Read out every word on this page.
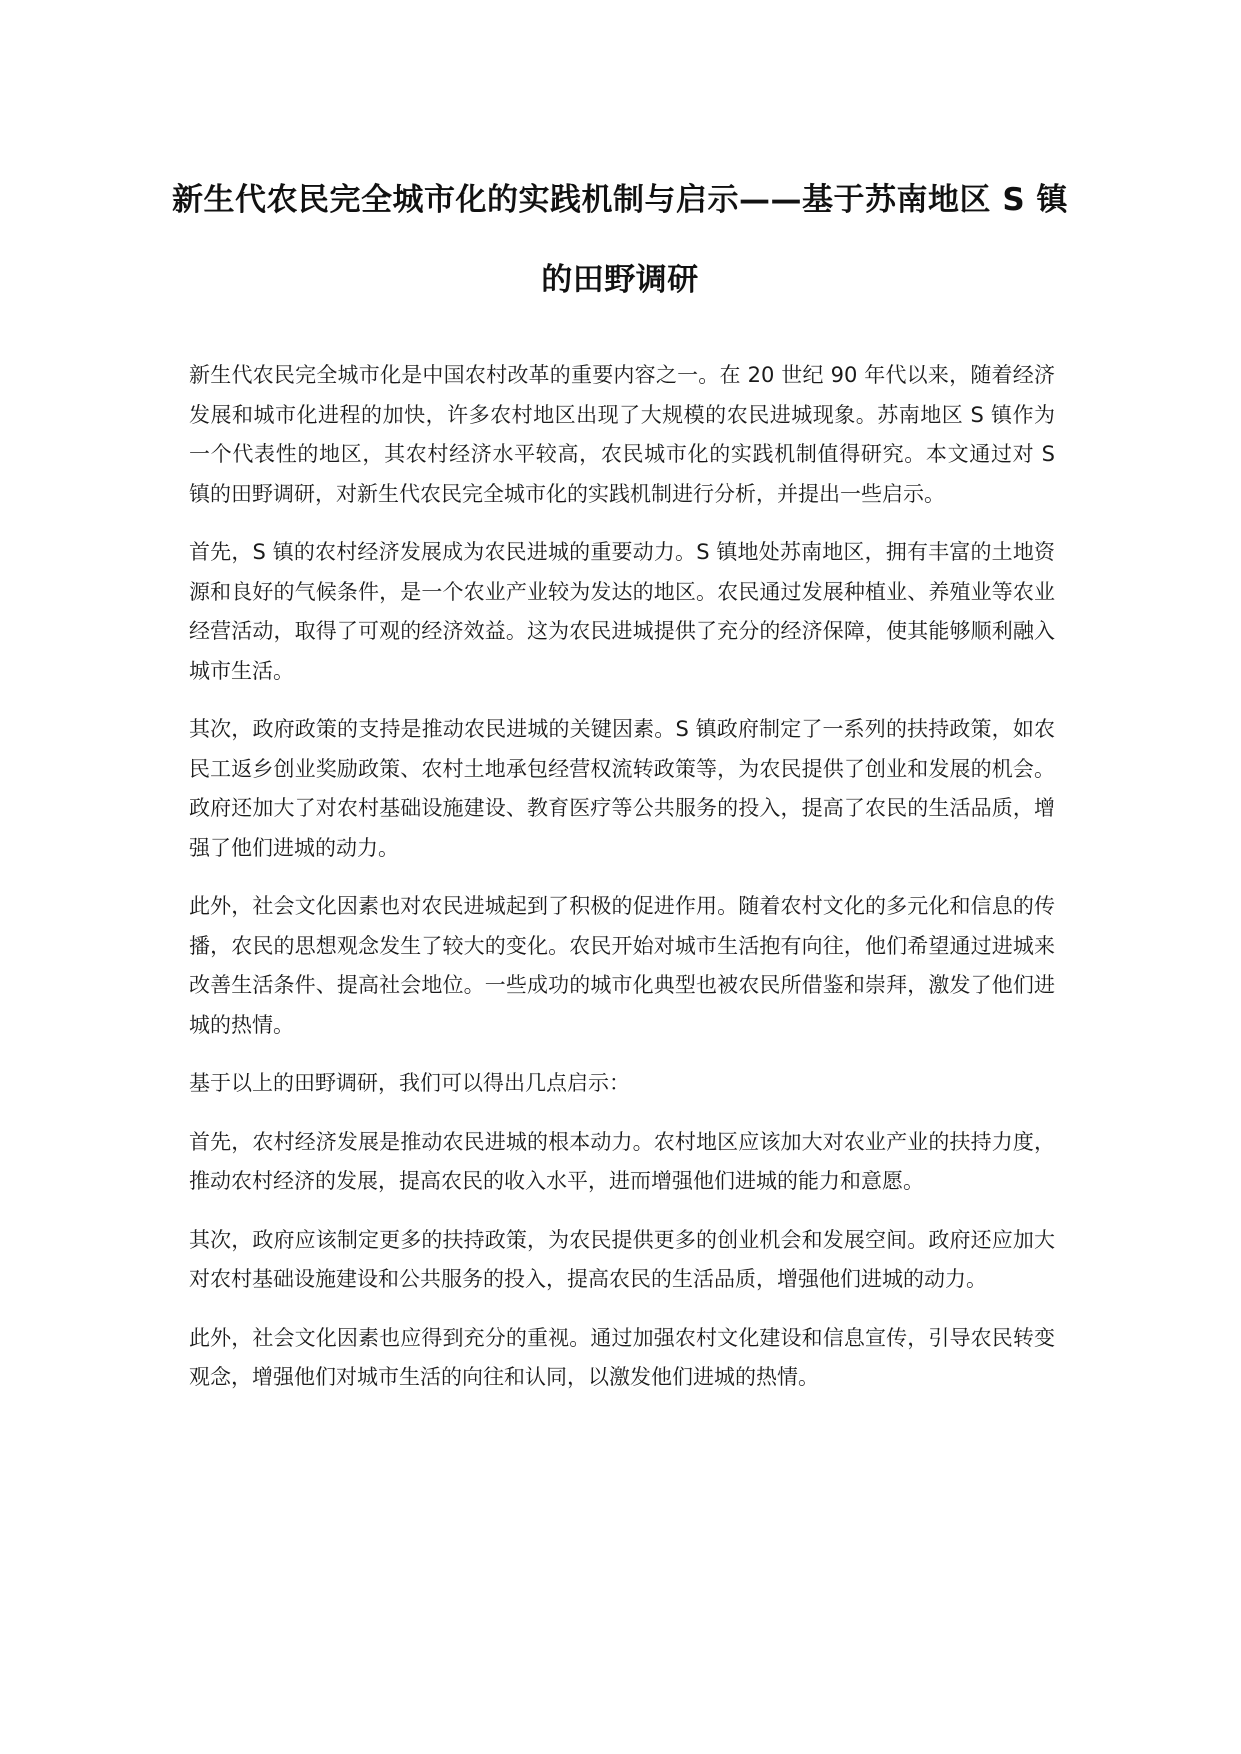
新生代农民完全城市化的实践机制与启示——基于苏南地区 S 镇的田野调研

新生代农民完全城市化是中国农村改革的重要内容之一。在 20 世纪 90 年代以来，随着经济发展和城市化进程的加快，许多农村地区出现了大规模的农民进城现象。苏南地区 S 镇作为一个代表性的地区，其农村经济水平较高，农民城市化的实践机制值得研究。本文通过对 S 镇的田野调研，对新生代农民完全城市化的实践机制进行分析，并提出一些启示。

首先，S 镇的农村经济发展成为农民进城的重要动力。S 镇地处苏南地区，拥有丰富的土地资源和良好的气候条件，是一个农业产业较为发达的地区。农民通过发展种植业、养殖业等农业经营活动，取得了可观的经济效益。这为农民进城提供了充分的经济保障，使其能够顺利融入城市生活。

其次，政府政策的支持是推动农民进城的关键因素。S 镇政府制定了一系列的扶持政策，如农民工返乡创业奖励政策、农村土地承包经营权流转政策等，为农民提供了创业和发展的机会。政府还加大了对农村基础设施建设、教育医疗等公共服务的投入，提高了农民的生活品质，增强了他们进城的动力。

此外，社会文化因素也对农民进城起到了积极的促进作用。随着农村文化的多元化和信息的传播，农民的思想观念发生了较大的变化。农民开始对城市生活抱有向往，他们希望通过进城来改善生活条件、提高社会地位。一些成功的城市化典型也被农民所借鉴和崇拜，激发了他们进城的热情。

基于以上的田野调研，我们可以得出几点启示：

首先，农村经济发展是推动农民进城的根本动力。农村地区应该加大对农业产业的扶持力度，推动农村经济的发展，提高农民的收入水平，进而增强他们进城的能力和意愿。

其次，政府应该制定更多的扶持政策，为农民提供更多的创业机会和发展空间。政府还应加大对农村基础设施建设和公共服务的投入，提高农民的生活品质，增强他们进城的动力。

此外，社会文化因素也应得到充分的重视。通过加强农村文化建设和信息宣传，引导农民转变观念，增强他们对城市生活的向往和认同，以激发他们进城的热情。
